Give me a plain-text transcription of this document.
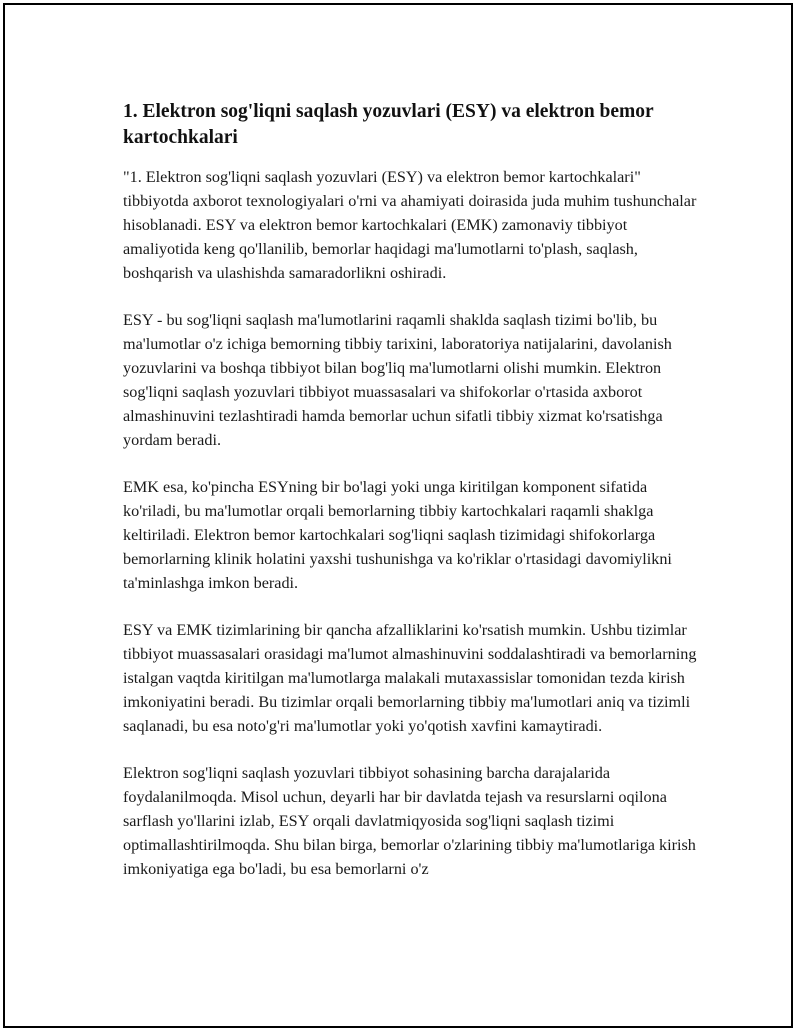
1. Elektron sog'liqni saqlash yozuvlari (ESY) va elektron bemor kartochkalari

"1. Elektron sog'liqni saqlash yozuvlari (ESY) va elektron bemor kartochkalari" tibbiyotda axborot texnologiyalari o'rni va ahamiyati doirasida juda muhim tushunchalar hisoblanadi. ESY va elektron bemor kartochkalari (EMK) zamonaviy tibbiyot amaliyotida keng qo'llanilib, bemorlar haqidagi ma'lumotlarni to'plash, saqlash, boshqarish va ulashishda samaradorlikni oshiradi.

ESY - bu sog'liqni saqlash ma'lumotlarini raqamli shaklda saqlash tizimi bo'lib, bu ma'lumotlar o'z ichiga bemorning tibbiy tarixini, laboratoriya natijalarini, davolanish yozuvlarini va boshqa tibbiyot bilan bog'liq ma'lumotlarni olishi mumkin. Elektron sog'liqni saqlash yozuvlari tibbiyot muassasalari va shifokorlar o'rtasida axborot almashinuvini tezlashtiradi hamda bemorlar uchun sifatli tibbiy xizmat ko'rsatishga yordam beradi.

EMK esa, ko'pincha ESYning bir bo'lagi yoki unga kiritilgan komponent sifatida ko'riladi, bu ma'lumotlar orqali bemorlarning tibbiy kartochkalari raqamli shaklga keltiriladi. Elektron bemor kartochkalari sog'liqni saqlash tizimidagi shifokorlarga bemorlarning klinik holatini yaxshi tushunishga va ko'riklar o'rtasidagi davomiylikni ta'minlashga imkon beradi.

ESY va EMK tizimlarining bir qancha afzalliklarini ko'rsatish mumkin. Ushbu tizimlar tibbiyot muassasalari orasidagi ma'lumot almashinuvini soddalashtiradi va bemorlarning istalgan vaqtda kiritilgan ma'lumotlarga malakali mutaxassislar tomonidan tezda kirish imkoniyatini beradi. Bu tizimlar orqali bemorlarning tibbiy ma'lumotlari aniq va tizimli saqlanadi, bu esa noto'g'ri ma'lumotlar yoki yo'qotish xavfini kamaytiradi.

Elektron sog'liqni saqlash yozuvlari tibbiyot sohasining barcha darajalarida foydalanilmoqda. Misol uchun, deyarli har bir davlatda tejash va resurslarni oqilona sarflash yo'llarini izlab, ESY orqali davlatmiqyosida sog'liqni saqlash tizimi optimallashtirilmoqda. Shu bilan birga, bemorlar o'zlarining tibbiy ma'lumotlariga kirish imkoniyatiga ega bo'ladi, bu esa bemorlarni o'z
